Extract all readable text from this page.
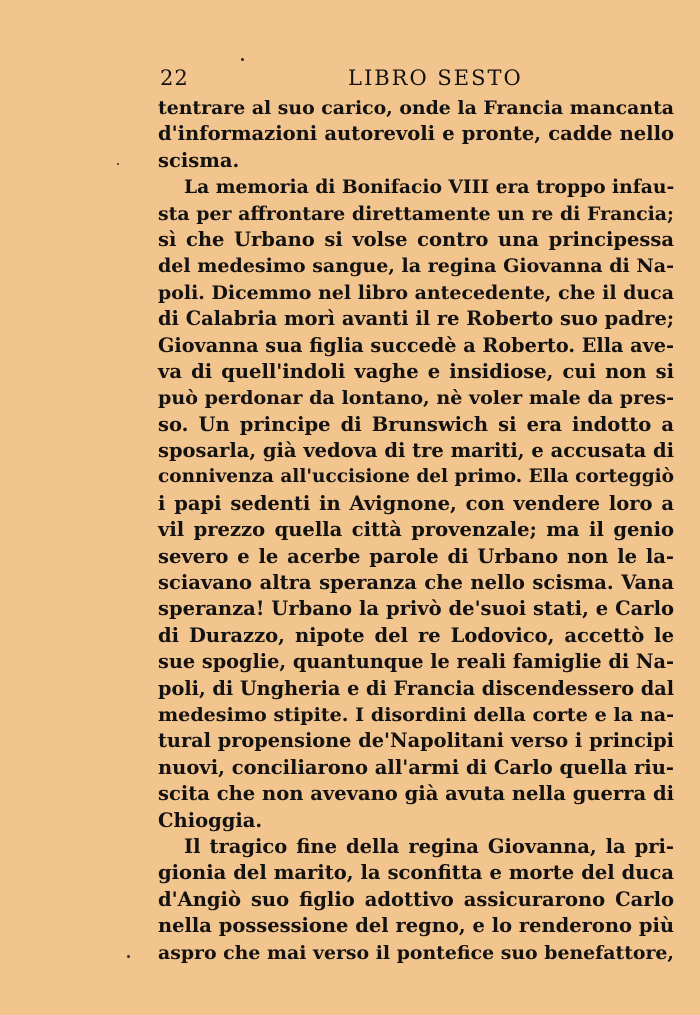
22	LIBRO SESTO
tentrare al suo carico, onde la Francia mancanta
d'informazioni autorevoli e pronte, cadde nello
scisma.
La memoria di Bonifacio VIII era troppo infau-
sta per affrontare direttamente un re di Francia;
sì che Urbano si volse contro una principessa
del medesimo sangue, la regina Giovanna di Na-
poli. Dicemmo nel libro antecedente, che il duca
di Calabria morì avanti il re Roberto suo padre;
Giovanna sua figlia succedè a Roberto. Ella ave-
va di quell'indoli vaghe e insidiose, cui non si
può perdonar da lontano, nè voler male da pres-
so. Un principe di Brunswich si era indotto a
sposarla, già vedova di tre mariti, e accusata di
connivenza all'uccisione del primo. Ella corteggiò
i papi sedenti in Avignone, con vendere loro a
vil prezzo quella città provenzale; ma il genio
severo e le acerbe parole di Urbano non le la-
sciavano altra speranza che nello scisma. Vana
speranza! Urbano la privò de'suoi stati, e Carlo
di Durazzo, nipote del re Lodovico, accettò le
sue spoglie, quantunque le reali famiglie di Na-
poli, di Ungheria e di Francia discendessero dal
medesimo stipite. I disordini della corte e la na-
tural propensione de'Napolitani verso i principi
nuovi, conciliarono all'armi di Carlo quella riu-
scita che non avevano già avuta nella guerra di
Chioggia.
Il tragico fine della regina Giovanna, la pri-
gionia del marito, la sconfitta e morte del duca
d'Angiò suo figlio adottivo assicurarono Carlo
nella possessione del regno, e lo renderono più
aspro che mai verso il pontefice suo benefattore,
